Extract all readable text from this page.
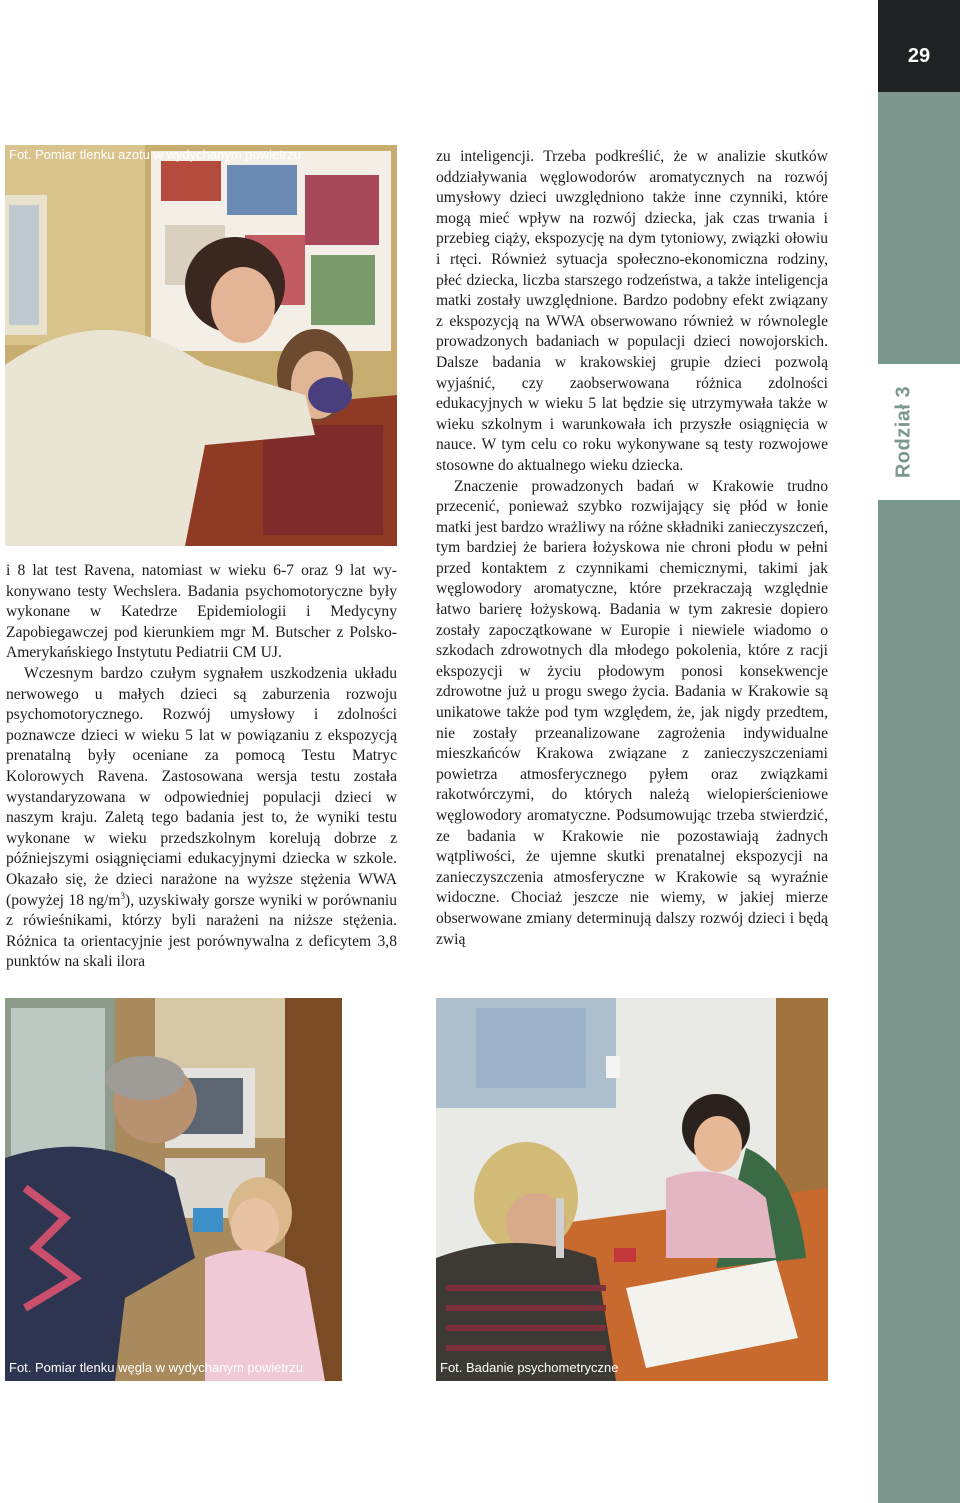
29
Rodział 3
Fot. Pomiar tlenku azotu w wydychanym powietrzu

i 8 lat test Ravena, natomiast w wieku 6-7 oraz 9 lat wykonywano testy Wechslera. Badania psychomotoryczne były wykonane w Katedrze Epidemiologii i Medycyny Zapobiegawczej pod kierunkiem mgr M. Butscher z Polsko-Amerykańskiego Instytutu Pediatrii CM UJ.

Wczesnym bardzo czułym sygnałem uszkodzenia układu nerwowego u małych dzieci są zaburzenia rozwoju psychomotorycznego. Rozwój umysłowy i zdolności poznawcze dzieci w wieku 5 lat w powiązaniu z ekspozycją prenatalną były oceniane za pomocą Testu Matryc Kolorowych Ravena. Zastosowana wersja testu została wystandaryzowana w odpowiedniej populacji dzieci w naszym kraju. Zaletą tego badania jest to, że wyniki testu wykonane w wieku przedszkolnym korelują dobrze z późniejszymi osiągnięciami edukacyjnymi dziecka w szkole. Okazało się, że dzieci narażone na wyższe stężenia WWA (powyżej 18 $ng/m^3$), uzyskiwały gorsze wyniki w porównaniu z rówieśnikami, którzy byli narażeni na niższe stężenia. Różnica ta orientacyjnie jest porównywalna z deficytem 3,8 punktów na skali ilora

zu inteligencji. Trzeba podkreślić, że w analizie skutków oddziaływania węglowodorów aromatycznych na rozwój umysłowy dzieci uwzględniono także inne czynniki, które mogą mieć wpływ na rozwój dziecka, jak czas trwania i przebieg ciąży, ekspozycję na dym tytoniowy, związki ołowiu i rtęci. Również sytuacja społeczno-ekonomiczna rodziny, płeć dziecka, liczba starszego rodzeństwa, a także inteligencja matki zostały uwzględnione. Bardzo podobny efekt związany z ekspozycją na WWA obserwowano również w równolegle prowadzonych badaniach w populacji dzieci nowojorskich. Dalsze badania w krakowskiej grupie dzieci pozwolą wyjaśnić, czy zaobserwowana różnica zdolności edukacyjnych w wieku 5 lat będzie się utrzymywała także w wieku szkolnym i warunkowała ich przyszłe osiągnięcia w nauce. W tym celu co roku wykonywane są testy rozwojowe stosowne do aktualnego wieku dziecka.

Znaczenie prowadzonych badań w Krakowie trudno przecenić, ponieważ szybko rozwijający się płód w łonie matki jest bardzo wrażliwy na różne składniki zanieczyszczeń, tym bardziej że bariera łożyskowa nie chroni płodu w pełni przed kontaktem z czynnikami chemicznymi, takimi jak węglowodory aromatyczne, które przekraczają względnie łatwo barierę łożyskową. Badania w tym zakresie dopiero zostały zapoczątkowane w Europie i niewiele wiadomo o szkodach zdrowotnych dla młodego pokolenia, które z racji ekspozycji w życiu płodowym ponosi konsekwencje zdrowotne już u progu swego życia. Badania w Krakowie są unikatowe także pod tym względem, że, jak nigdy przedtem, nie zostały przeanalizowane zagrożenia indywidualne mieszkańców Krakowa związane z zanieczyszczeniami powietrza atmosferycznego pyłem oraz związkami rakotwórczymi, do których należą wielopierścieniowe węglowodory aromatyczne. Podsumowując trzeba stwierdzić, ze badania w Krakowie nie pozostawiają żadnych wątpliwości, że ujemne skutki prenatalnej ekspozycji na zanieczyszczenia atmosferyczne w Krakowie są wyraźnie widoczne. Chociaż jeszcze nie wiemy, w jakiej mierze obserwowane zmiany determinują dalszy rozwój dzieci i będą zwią

Fot. Pomiar tlenku węgla w wydychanym powietrzu	Fot. Badanie psychometryczne
